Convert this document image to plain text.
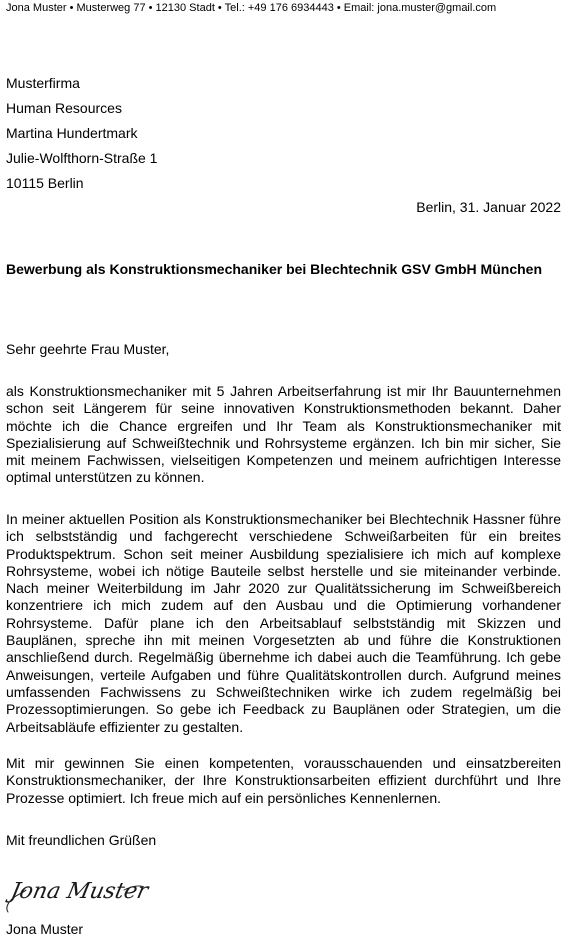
Jona Muster • Musterweg 77 • 12130 Stadt • Tel.: +49 176 6934443 • Email: jona.muster@gmail.com
Musterfirma
Human Resources
Martina Hundertmark
Julie-Wolfthorn-Straße 1
10115 Berlin
Berlin, 31. Januar 2022
Bewerbung als Konstruktionsmechaniker bei Blechtechnik GSV GmbH München
Sehr geehrte Frau Muster,
als Konstruktionsmechaniker mit 5 Jahren Arbeitserfahrung ist mir Ihr Bauunternehmen schon seit Längerem für seine innovativen Konstruktionsmethoden bekannt. Daher möchte ich die Chance ergreifen und Ihr Team als Konstruktionsmechaniker mit Spezialisierung auf Schweißtechnik und Rohrsysteme ergänzen. Ich bin mir sicher, Sie mit meinem Fachwissen, vielseitigen Kompetenzen und meinem aufrichtigen Interesse optimal unterstützen zu können.
In meiner aktuellen Position als Konstruktionsmechaniker bei Blechtechnik Hassner führe ich selbstständig und fachgerecht verschiedene Schweißarbeiten für ein breites Produktspektrum. Schon seit meiner Ausbildung spezialisiere ich mich auf komplexe Rohrsysteme, wobei ich nötige Bauteile selbst herstelle und sie miteinander verbinde. Nach meiner Weiterbildung im Jahr 2020 zur Qualitätssicherung im Schweißbereich konzentriere ich mich zudem auf den Ausbau und die Optimierung vorhandener Rohrsysteme. Dafür plane ich den Arbeitsablauf selbstständig mit Skizzen und Bauplänen, spreche ihn mit meinen Vorgesetzten ab und führe die Konstruktionen anschließend durch. Regelmäßig übernehme ich dabei auch die Teamführung. Ich gebe Anweisungen, verteile Aufgaben und führe Qualitätskontrollen durch. Aufgrund meines umfassenden Fachwissens zu Schweißtechniken wirke ich zudem regelmäßig bei Prozessoptimierungen. So gebe ich Feedback zu Bauplänen oder Strategien, um die Arbeitsabläufe effizienter zu gestalten.
Mit mir gewinnen Sie einen kompetenten, vorausschauenden und einsatzbereiten Konstruktionsmechaniker, der Ihre Konstruktionsarbeiten effizient durchführt und Ihre Prozesse optimiert. Ich freue mich auf ein persönliches Kennenlernen.
Mit freundlichen Grüßen
Jona Muster
Jona Muster
